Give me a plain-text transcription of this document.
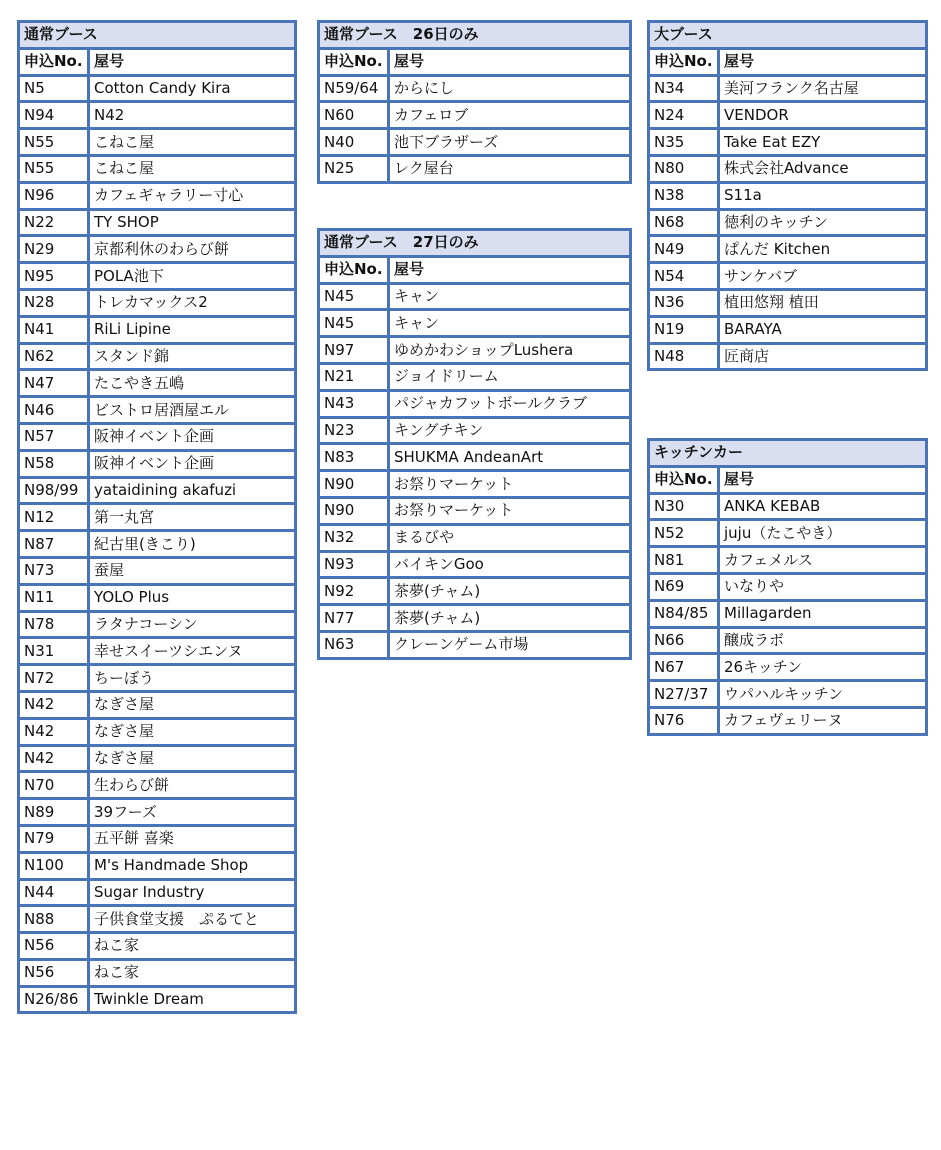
通常ブース	
申込No.	屋号
N5	Cotton Candy Kira
N94	N42
N55	こねこ屋
N55	こねこ屋
N96	カフェギャラリー寸心
N22	TY SHOP
N29	京都利休のわらび餅
N95	POLA池下
N28	トレカマックス2
N41	RiLi Lipine
N62	スタンド錦
N47	たこやき五嶋
N46	ビストロ居酒屋エル
N57	阪神イベント企画
N58	阪神イベント企画
N98/99	yataidining akafuzi
N12	第一丸宮
N87	紀古里(きこり)
N73	蚕屋
N11	YOLO Plus
N78	ラタナコーシン
N31	幸せスイーツシエンヌ
N72	ちーぼう
N42	なぎさ屋
N42	なぎさ屋
N42	なぎさ屋
N70	生わらび餅
N89	39フーズ
N79	五平餅 喜楽
N100	M's Handmade Shop
N44	Sugar Industry
N88	子供食堂支援　ぷるてと
N56	ねこ家
N56	ねこ家
N26/86	Twinkle Dream
通常ブース　26日のみ	
申込No.	屋号
N59/64	からにし
N60	カフェロブ
N40	池下ブラザーズ
N25	レク屋台
通常ブース　27日のみ	
申込No.	屋号
N45	キャン
N45	キャン
N97	ゆめかわショップLushera
N21	ジョイドリーム
N43	パジャカフットボールクラブ
N23	キングチキン
N83	SHUKMA AndeanArt
N90	お祭りマーケット
N90	お祭りマーケット
N32	まるびや
N93	バイキンGoo
N92	茶夢(チャム)
N77	茶夢(チャム)
N63	クレーンゲーム市場
大ブース	
申込No.	屋号
N34	美河フランク名古屋
N24	VENDOR
N35	Take Eat EZY
N80	株式会社Advance
N38	S11a
N68	徳利のキッチン
N49	ぱんだ Kitchen
N54	サンケバブ
N36	植田悠翔 植田
N19	BARAYA
N48	匠商店
キッチンカー	
申込No.	屋号
N30	ANKA KEBAB
N52	juju（たこやき）
N81	カフェメルス
N69	いなりや
N84/85	Millagarden
N66	醸成ラボ
N67	26キッチン
N27/37	ウパハルキッチン
N76	カフェヴェリーヌ
